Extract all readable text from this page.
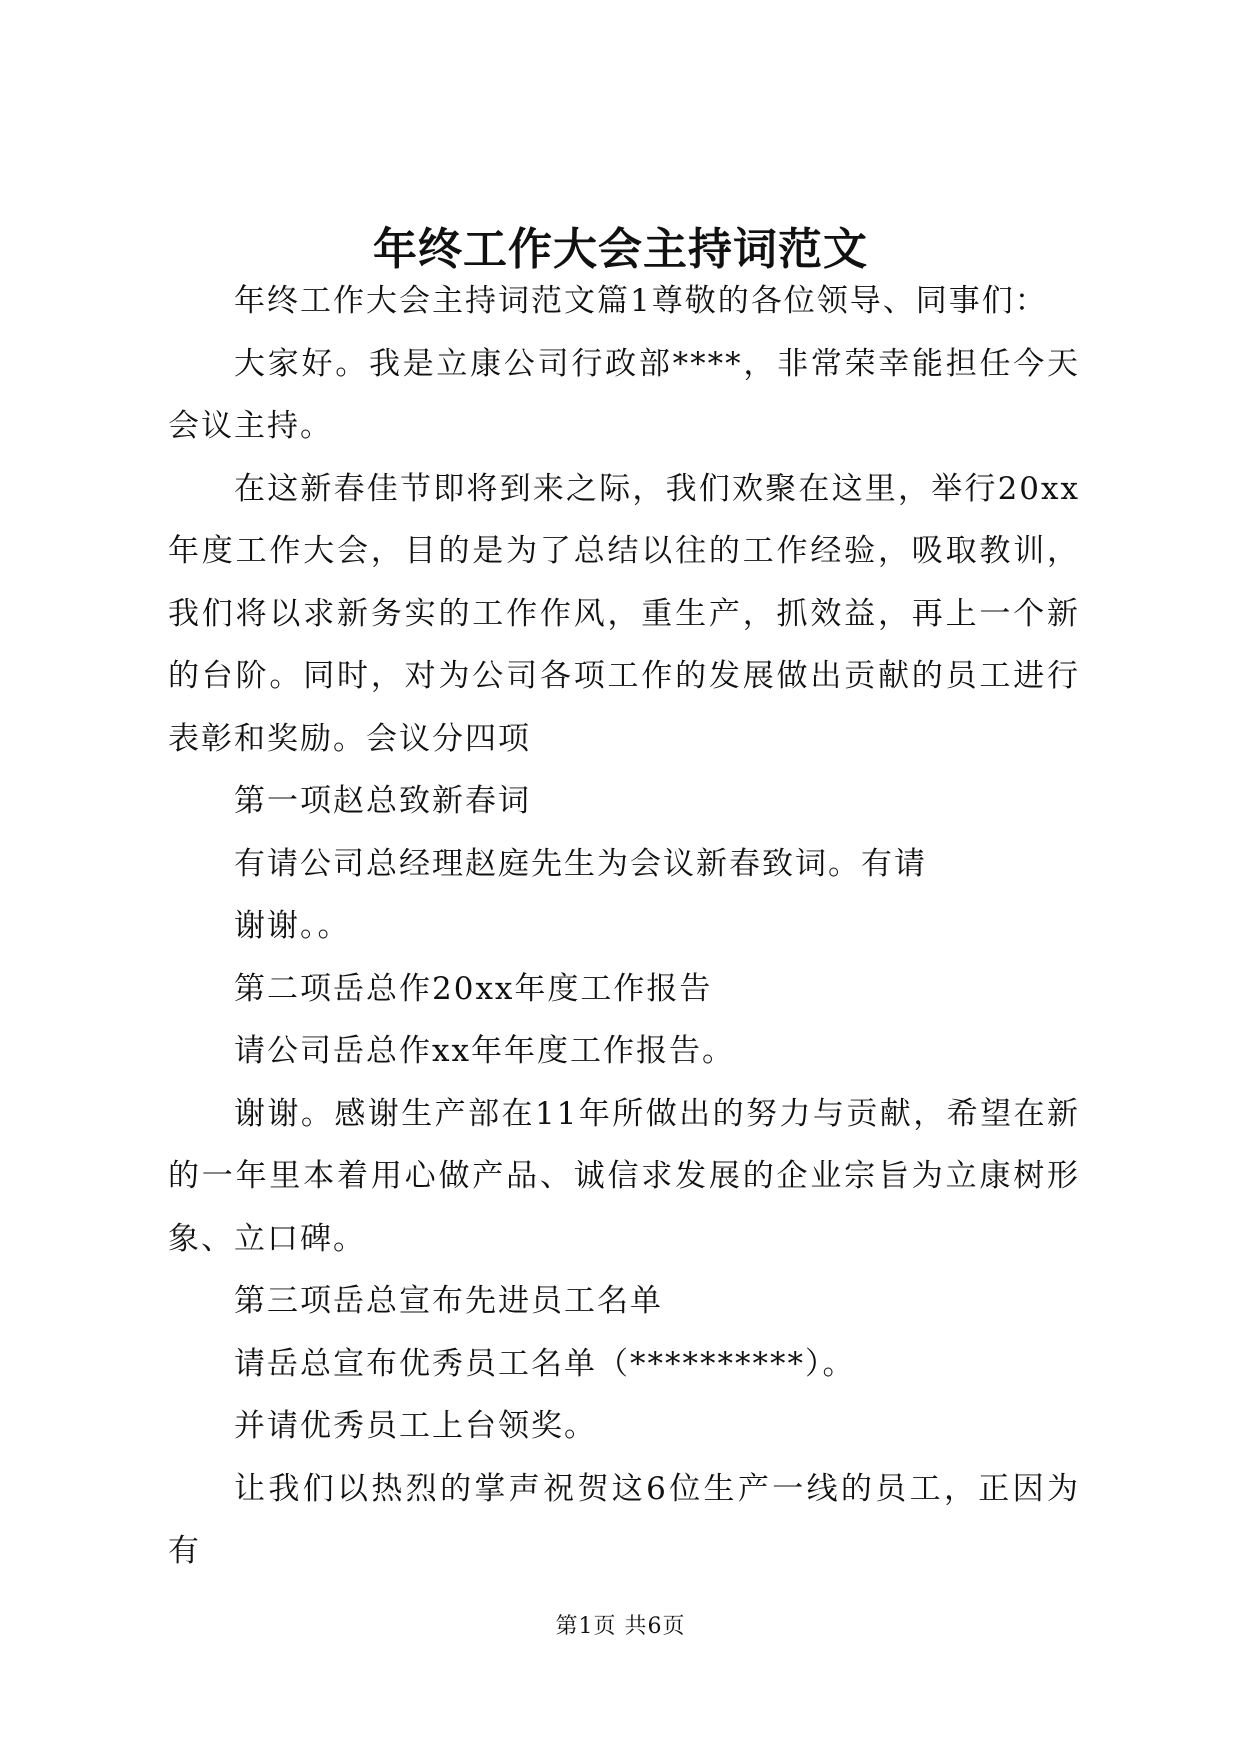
年终工作大会主持词范文

年终工作大会主持词范文篇1尊敬的各位领导、同事们：

大家好。我是立康公司行政部****，非常荣幸能担任今天会议主持。

在这新春佳节即将到来之际，我们欢聚在这里，举行20xx年度工作大会，目的是为了总结以往的工作经验，吸取教训，我们将以求新务实的工作作风，重生产，抓效益，再上一个新的台阶。同时，对为公司各项工作的发展做出贡献的员工进行表彰和奖励。会议分四项

第一项赵总致新春词

有请公司总经理赵庭先生为会议新春致词。有请

谢谢。。

第二项岳总作20xx年度工作报告

请公司岳总作xx年年度工作报告。

谢谢。感谢生产部在11年所做出的努力与贡献，希望在新的一年里本着用心做产品、诚信求发展的企业宗旨为立康树形象、立口碑。

第三项岳总宣布先进员工名单

请岳总宣布优秀员工名单（**********）。

并请优秀员工上台领奖。

让我们以热烈的掌声祝贺这6位生产一线的员工，正因为有

第1页 共6页
